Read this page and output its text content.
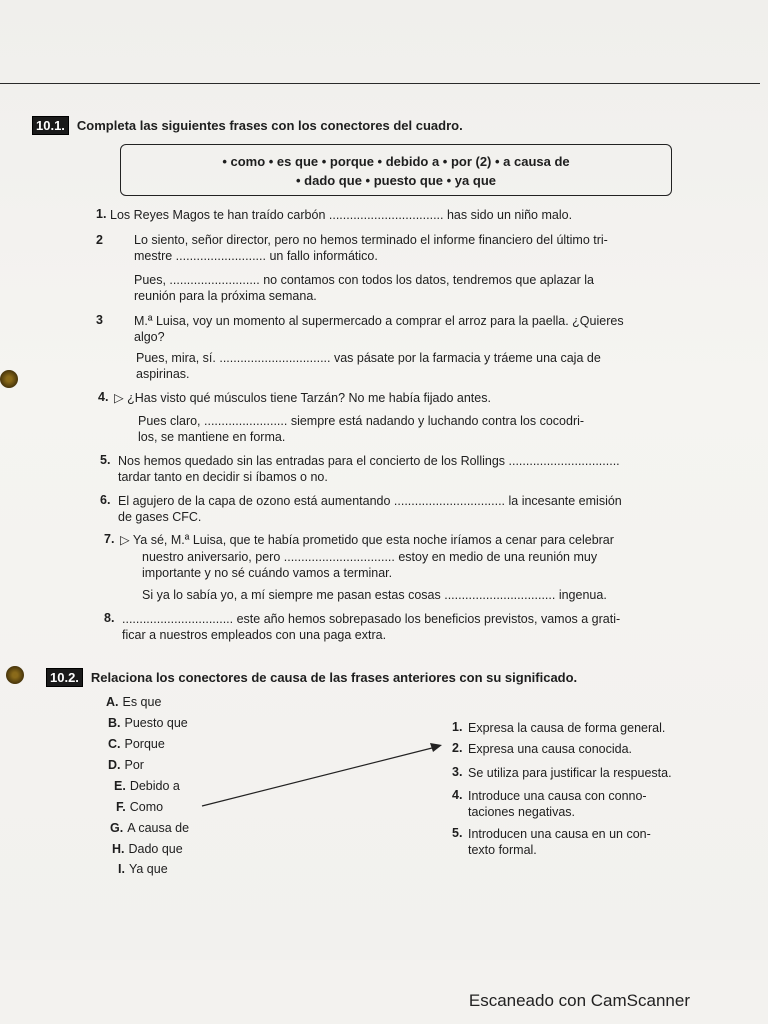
10.1. Completa las siguientes frases con los conectores del cuadro.
• como • es que • porque • debido a • por (2) • a causa de
• dado que • puesto que • ya que
1. Los Reyes Magos te han traído carbón ................................. has sido un niño malo.
2 Lo siento, señor director, pero no hemos terminado el informe financiero del último tri-
mestre .......................... un fallo informático.
Pues, .......................... no contamos con todos los datos, tendremos que aplazar la
reunión para la próxima semana.
3 M.ª Luisa, voy un momento al supermercado a comprar el arroz para la paella. ¿Quieres
algo?
Pues, mira, sí. ................................ vas pásate por la farmacia y tráeme una caja de
aspirinas.
4. ▷ ¿Has visto qué músculos tiene Tarzán? No me había fijado antes.
Pues claro, ........................ siempre está nadando y luchando contra los cocodri-
los, se mantiene en forma.
5. Nos hemos quedado sin las entradas para el concierto de los Rollings ................................
tardar tanto en decidir si íbamos o no.
6. El agujero de la capa de ozono está aumentando ................................ la incesante emisión
de gases CFC.
7. ▷ Ya sé, M.ª Luisa, que te había prometido que esta noche iríamos a cenar para celebrar
nuestro aniversario, pero ................................ estoy en medio de una reunión muy
importante y no sé cuándo vamos a terminar.
Si ya lo sabía yo, a mí siempre me pasan estas cosas ................................ ingenua.
8. ................................ este año hemos sobrepasado los beneficios previstos, vamos a grati-
ficar a nuestros empleados con una paga extra.
10.2. Relaciona los conectores de causa de las frases anteriores con su significado.
A. Es que
B. Puesto que
C. Porque
D. Por
E. Debido a
F. Como
G. A causa de
H. Dado que
I. Ya que
1. Expresa la causa de forma general.
2. Expresa una causa conocida.
3. Se utiliza para justificar la respuesta.
4. Introduce una causa con conno-
taciones negativas.
5. Introducen una causa en un con-
texto formal.
Escaneado con CamScanner
